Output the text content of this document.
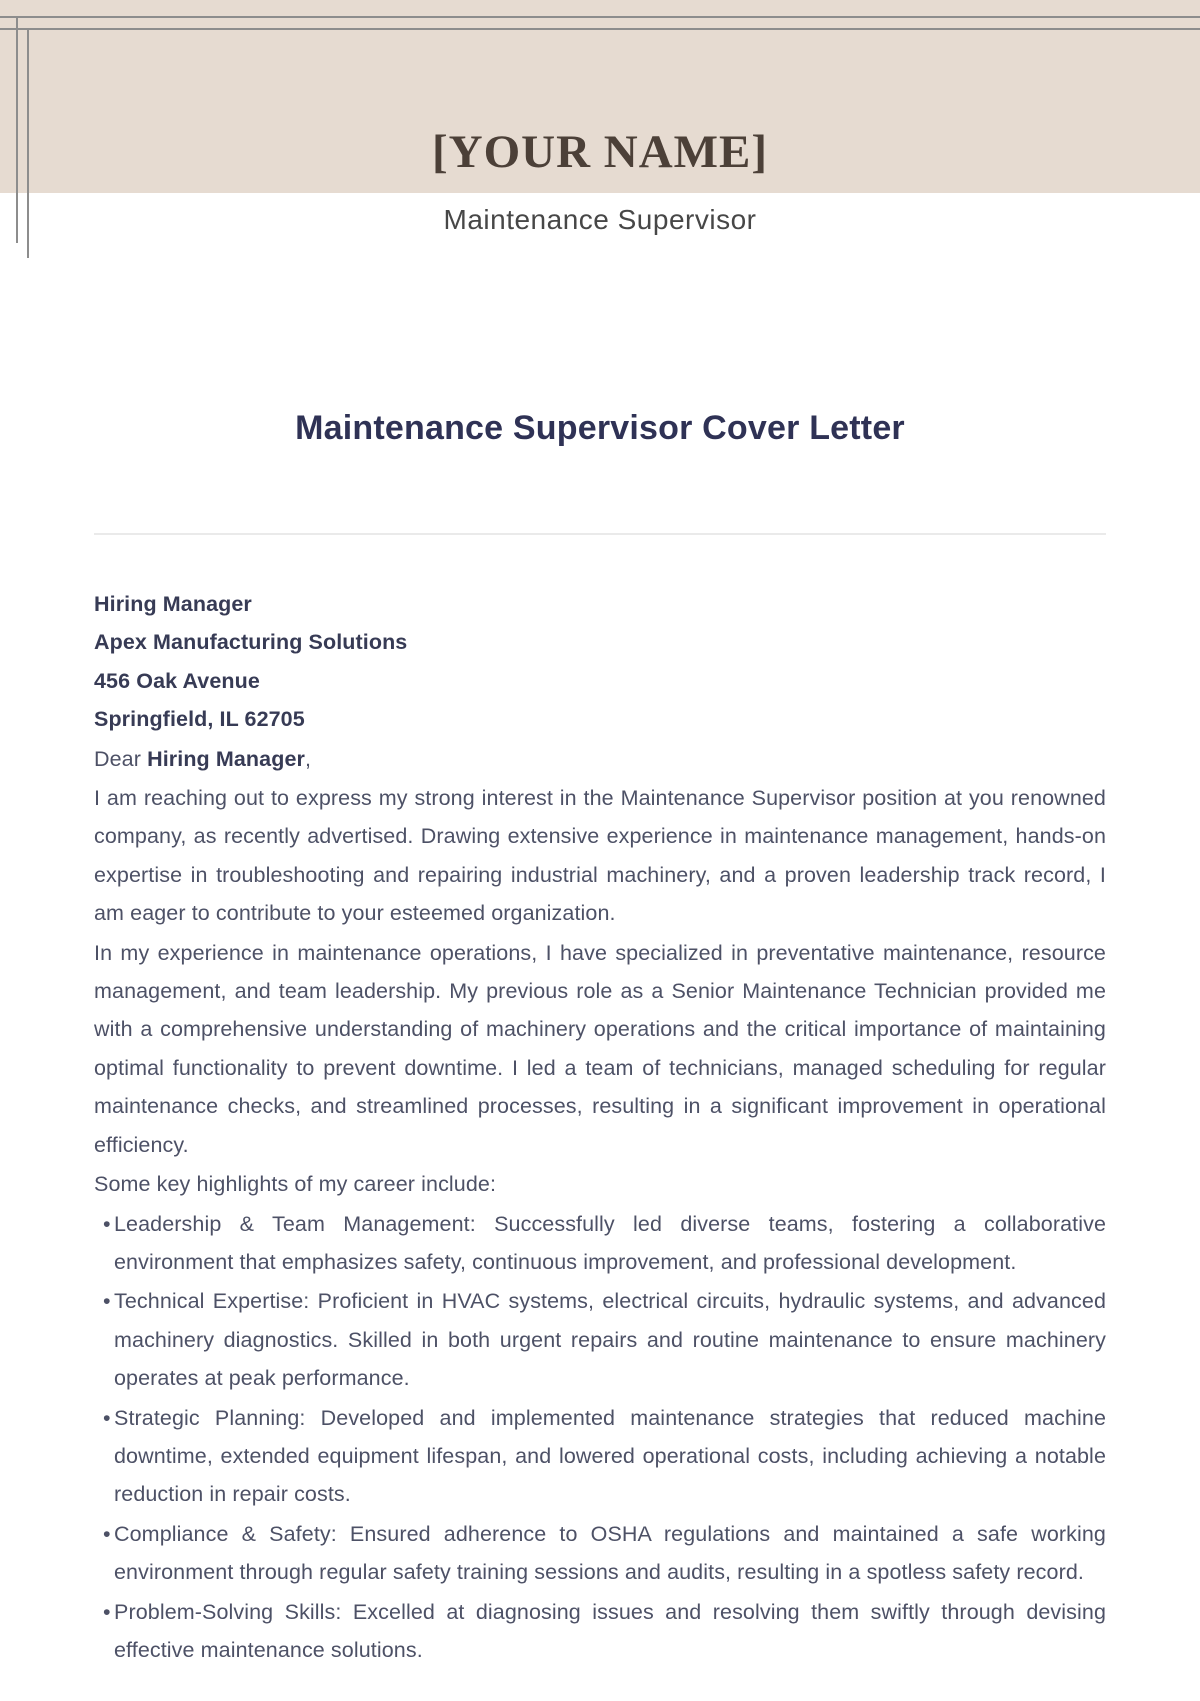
[YOUR NAME]
Maintenance Supervisor
Maintenance Supervisor Cover Letter

Hiring Manager

Apex Manufacturing Solutions

456 Oak Avenue

Springfield, IL 62705

Dear Hiring Manager,

I am reaching out to express my strong interest in the Maintenance Supervisor position at you renowned company, as recently advertised. Drawing extensive experience in maintenance management, hands-on expertise in troubleshooting and repairing industrial machinery, and a proven leadership track record, I am eager to contribute to your esteemed organization.

In my experience in maintenance operations, I have specialized in preventative maintenance, resource management, and team leadership. My previous role as a Senior Maintenance Technician provided me with a comprehensive understanding of machinery operations and the critical importance of maintaining optimal functionality to prevent downtime. I led a team of technicians, managed scheduling for regular maintenance checks, and streamlined processes, resulting in a significant improvement in operational efficiency.

Some key highlights of my career include:

• Leadership & Team Management: Successfully led diverse teams, fostering a collaborative environment that emphasizes safety, continuous improvement, and professional development.
• Technical Expertise: Proficient in HVAC systems, electrical circuits, hydraulic systems, and advanced machinery diagnostics. Skilled in both urgent repairs and routine maintenance to ensure machinery operates at peak performance.
• Strategic Planning: Developed and implemented maintenance strategies that reduced machine downtime, extended equipment lifespan, and lowered operational costs, including achieving a notable reduction in repair costs.
• Compliance & Safety: Ensured adherence to OSHA regulations and maintained a safe working environment through regular safety training sessions and audits, resulting in a spotless safety record.
• Problem-Solving Skills: Excelled at diagnosing issues and resolving them swiftly through devising effective maintenance solutions.
